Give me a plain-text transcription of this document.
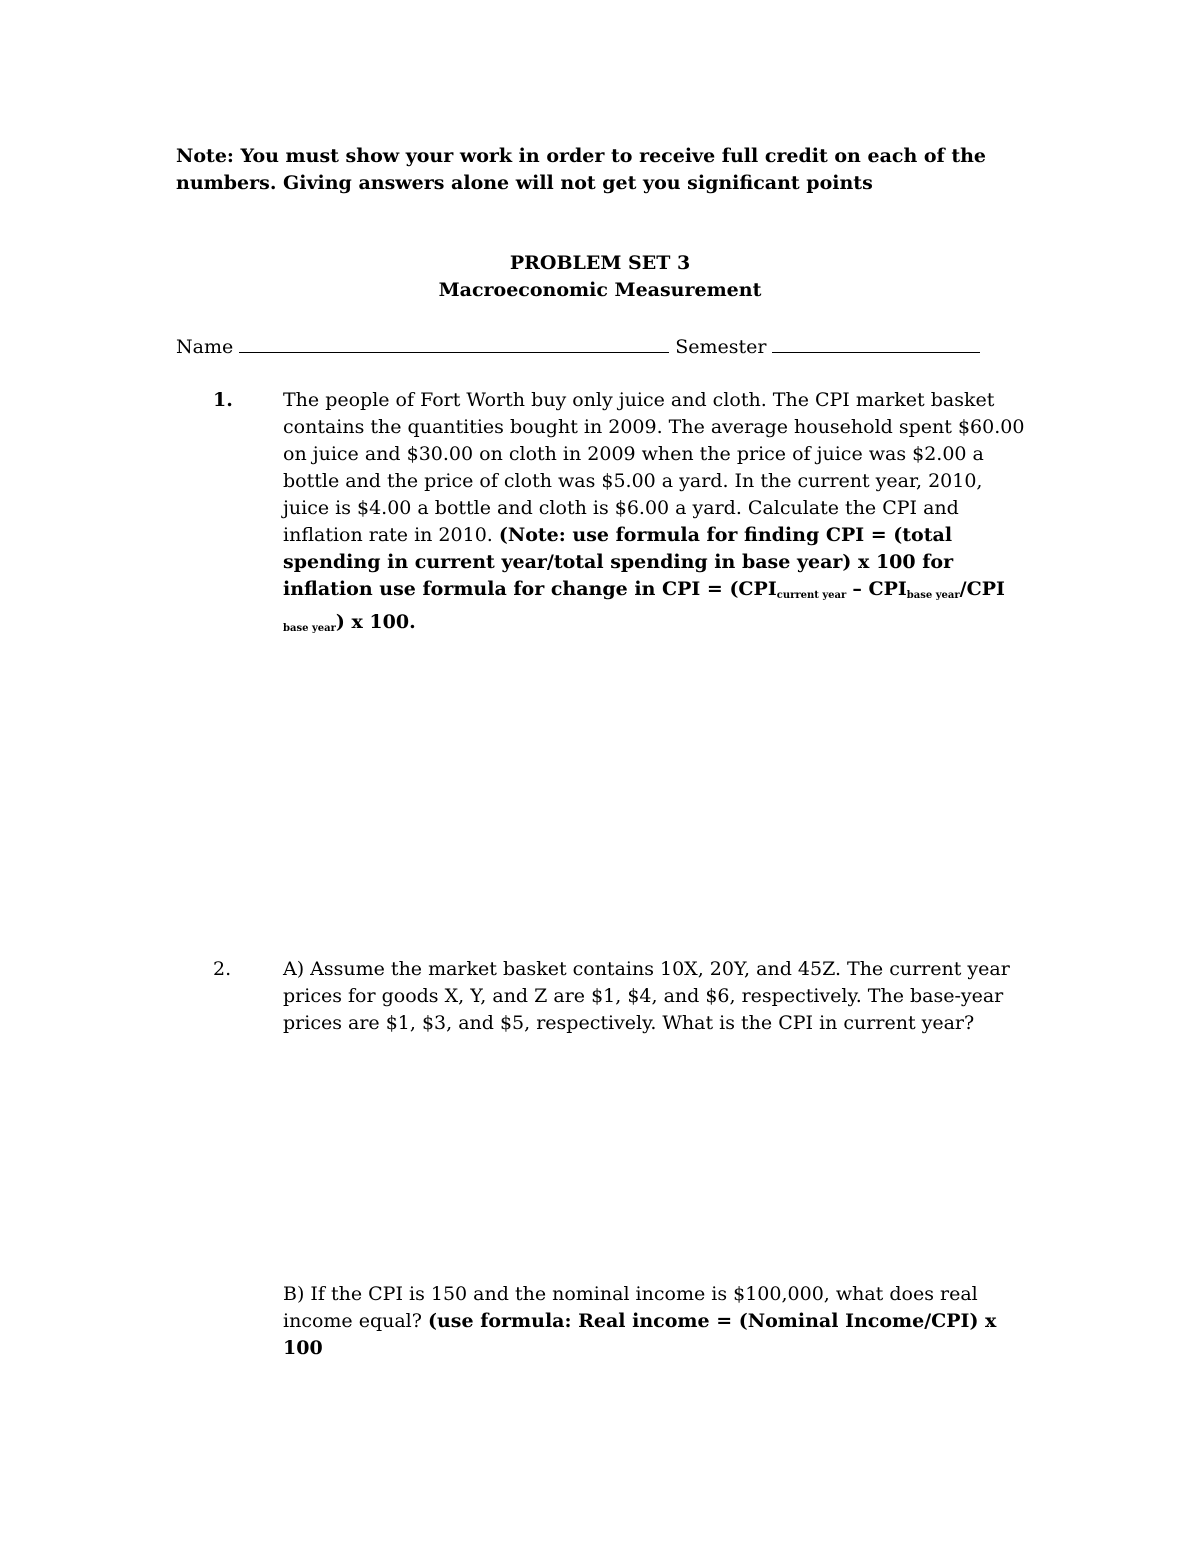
Note: You must show your work in order to receive full credit on each of the numbers. Giving answers alone will not get you significant points
PROBLEM SET 3
Macroeconomic Measurement
Name	Semester
1.	The people of Fort Worth buy only juice and cloth. The CPI market basket contains the quantities bought in 2009. The average household spent $60.00 on juice and $30.00 on cloth in 2009 when the price of juice was $2.00 a bottle and the price of cloth was $5.00 a yard. In the current year, 2010, juice is $4.00 a bottle and cloth is $6.00 a yard. Calculate the CPI and inflation rate in 2010. (Note: use formula for finding CPI = (total spending in current year/total spending in base year) x 100 for inflation use formula for change in CPI = ($CPI_{current year} - CPI_{base year}/CPI$ $_{base year}$) x 100.
2.	A) Assume the market basket contains 10X, 20Y, and 45Z. The current year prices for goods X, Y, and Z are $1, $4, and $6, respectively. The base-year prices are $1, $3, and $5, respectively. What is the CPI in current year?
B) If the CPI is 150 and the nominal income is $100,000, what does real income equal? (use formula: Real income = (Nominal Income/CPI) x 100
